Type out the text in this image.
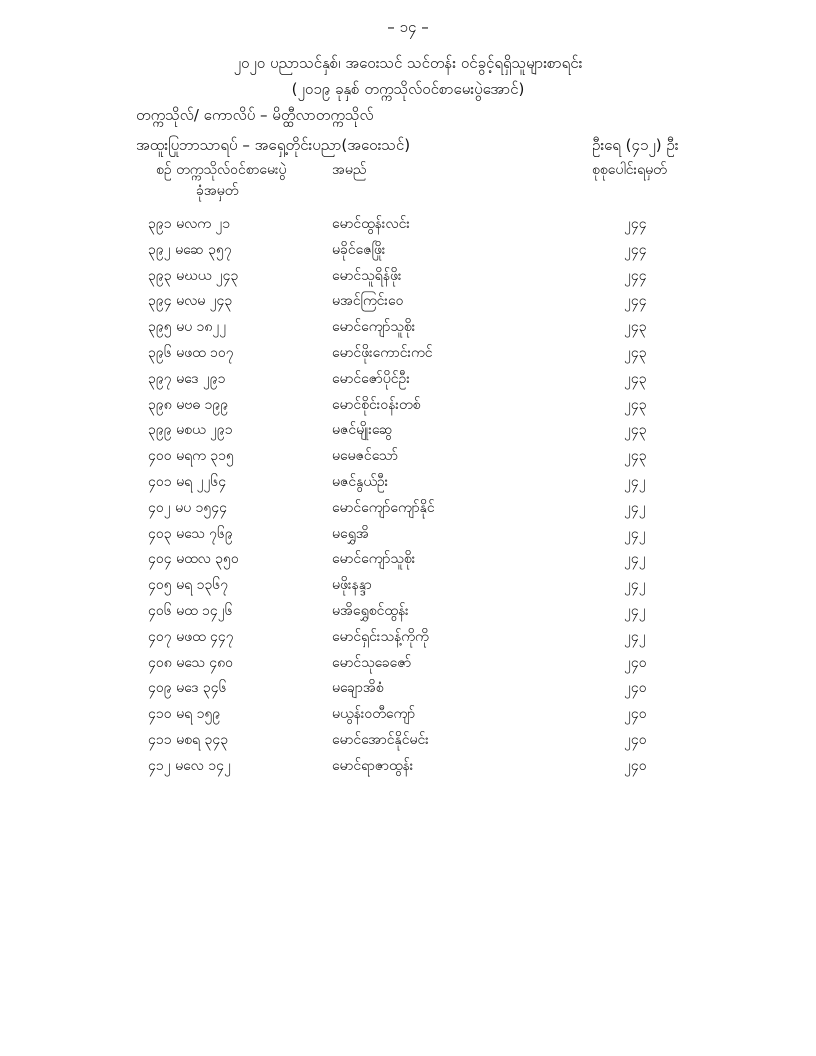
– ၁၄ –
၂၀၂၀ ပညာသင်နှစ်၊ အဝေးသင် သင်တန်း ဝင်ခွင့်ရရှိသူများစာရင်း
(၂၀၁၉ ခုနှစ် တက္ကသိုလ်ဝင်စာမေးပွဲအောင်)
တက္ကသိုလ်/ ကောလိပ် – မိတ္ထီလာတက္ကသိုလ်
အထူးပြုဘာသာရပ် – အရှေ့တိုင်းပညာ(အဝေးသင်)	ဦးရေ (၄၁၂) ဦး
စဉ် တက္ကသိုလ်ဝင်စာမေးပွဲ
ခုံအမှတ်
အမည်	စုစုပေါင်းရမှတ်
၃၉၁ မလက ၂၁	မောင်ထွန်းလင်း	၂၄၄
၃၉၂ မဆေ ၃၅၇	မခိုင်ဇေဖြိုး	၂၄၄
၃၉၃ မဃယ ၂၄၃	မောင်သူရိန်ဖိုး	၂၄၄
၃၉၄ မလမ ၂၄၃	မအင်ကြင်းဝေ	၂၄၄
၃၉၅ မပ ၁၈၂၂	မောင်ကျော်သူစိုး	၂၄၃
၃၉၆ မဖထ ၁၀၇	မောင်ဖိုးကောင်းကင်	၂၄၃
၃၉၇ မဒေ ၂၉၁	မောင်ဇော်ပိုင်ဦး	၂၄၃
၃၉၈ မဗဓ ၁၉၉	မောင်စိုင်းဝန်းတစ်	၂၄၃
၃၉၉ မစယ ၂၉၁	မဇင်မျိုးဆွေ	၂၄၃
၄၀၀ မရက ၃၁၅	မမေဇင်သော်	၂၄၃
၄၀၁ မရ ၂၂၆၄	မဇင်နွယ်ဦး	၂၄၂
၄၀၂ မပ ၁၅၄၄	မောင်ကျော်ကျော်နိုင်	၂၄၂
၄၀၃ မသေ ၇၆၉	မရွှေအိ	၂၄၂
၄၀၄ မထလ ၃၅၀	မောင်ကျော်သူစိုး	၂၄၂
၄၀၅ မရ ၁၃၆၇	မဖိုးနန္ဒာ	၂၄၂
၄၀၆ မထ ၁၄၂၆	မအိရွှေစင်ထွန်း	၂၄၂
၄၀၇ မဖထ ၄၄၇	မောင်ရှင်းသန့်ကိုကို	၂၄၂
၄၀၈ မသေ ၄၈၀	မောင်သုခေဇော်	၂၄၀
၄၀၉ မဒေ ၃၄၆	မချောအိစံ	၂၄၀
၄၁၀ မရ ၁၅၉	မယွန်းဝတီကျော်	၂၄၀
၄၁၁ မစရ ၃၄၃	မောင်အောင်နိုင်မင်း	၂၄၀
၄၁၂ မလေ ၁၄၂	မောင်ရာဇာထွန်း	၂၄၀
